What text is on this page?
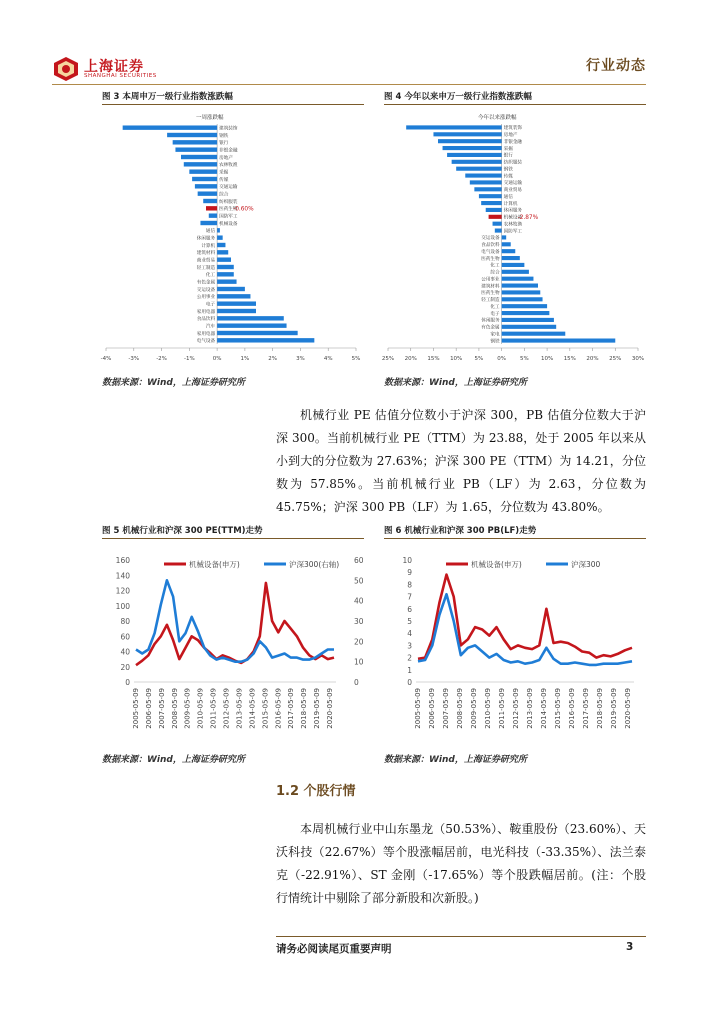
上海证券
SHANGHAI SECURITIES
行业动态
图 3 本周申万一级行业指数涨跌幅	图 4 今年以来申万一级行业指数涨跌幅
一周涨跌幅
-4%	-3%	-2%	-1%	0%	1%	2%	3%	4%	5%
建筑装饰
钢铁
银行
非银金融
房地产
农林牧渔
采掘
传媒
交通运输
综合
纺织服装
医药生物
-0.60%
国防军工
机械设备
通信
休闲服务
计算机
建筑材料
商业贸易
轻工制造
化工
有色金属
交运设备
公用事业
电子
家用电器
食品饮料
汽车
家用电器
电气设备
今年以来涨跌幅
25% 20% 15% 10% 5%	0%	5% 10% 15% 20% 25% 30%
建筑装饰
房地产
非银金融
采掘
银行
纺织服装
钢铁
传媒
交通运输
商业贸易
通信
计算机
休闲服务
机械设备
-2.87%
农林牧渔
国防军工
交运设备
食品饮料
电气设备
医药生物
化工
综合
公用事业
建筑材料
医药生物
轻工制造
化工
电子
休闲服务
有色金属
家电
钢铁
数据来源：Wind，上海证券研究所	数据来源：Wind，上海证券研究所
机械行业 PE 估值分位数小于沪深 300，PB 估值分位数大于沪深 300。当前机械行业 PE（TTM）为 23.88，处于 2005 年以来从小到大的分位数为 27.63%；沪深 300 PE（TTM）为 14.21，分位数为 57.85%。当前机械行业 PB（LF）为 2.63，分位数为 45.75%；沪深 300 PB（LF）为 1.65，分位数为 43.80%。
图 5 机械行业和沪深 300 PE(TTM)走势	图 6 机械行业和沪深 300 PB(LF)走势
0
20
40
60
80
100
120
140
160
0
10
20
30
40
50
60
2005-05-09 2006-05-09 2007-05-09 2008-05-09 2009-05-09 2010-05-09 2011-05-09 2012-05-09 2013-05-09 2014-05-09 2015-05-09 2016-05-09 2017-05-09 2018-05-09 2019-05-09 2020-05-09
机械设备(申万)	沪深300(右轴)
0
1
2
3
4
5
6
7
8
9
10
2005-05-09 2006-05-09 2007-05-09 2008-05-09 2009-05-09 2010-05-09 2011-05-09 2012-05-09 2013-05-09 2014-05-09 2015-05-09 2016-05-09 2017-05-09 2018-05-09 2019-05-09 2020-05-09
机械设备(申万)	沪深300
数据来源：Wind，上海证券研究所	数据来源：Wind，上海证券研究所
1.2 个股行情
本周机械行业中山东墨龙（50.53%）、鞍重股份（23.60%）、天沃科技（22.67%）等个股涨幅居前，电光科技（-33.35%）、法兰泰克（-22.91%）、ST 金刚（-17.65%）等个股跌幅居前。(注：个股行情统计中剔除了部分新股和次新股。)
请务必阅读尾页重要声明	3
